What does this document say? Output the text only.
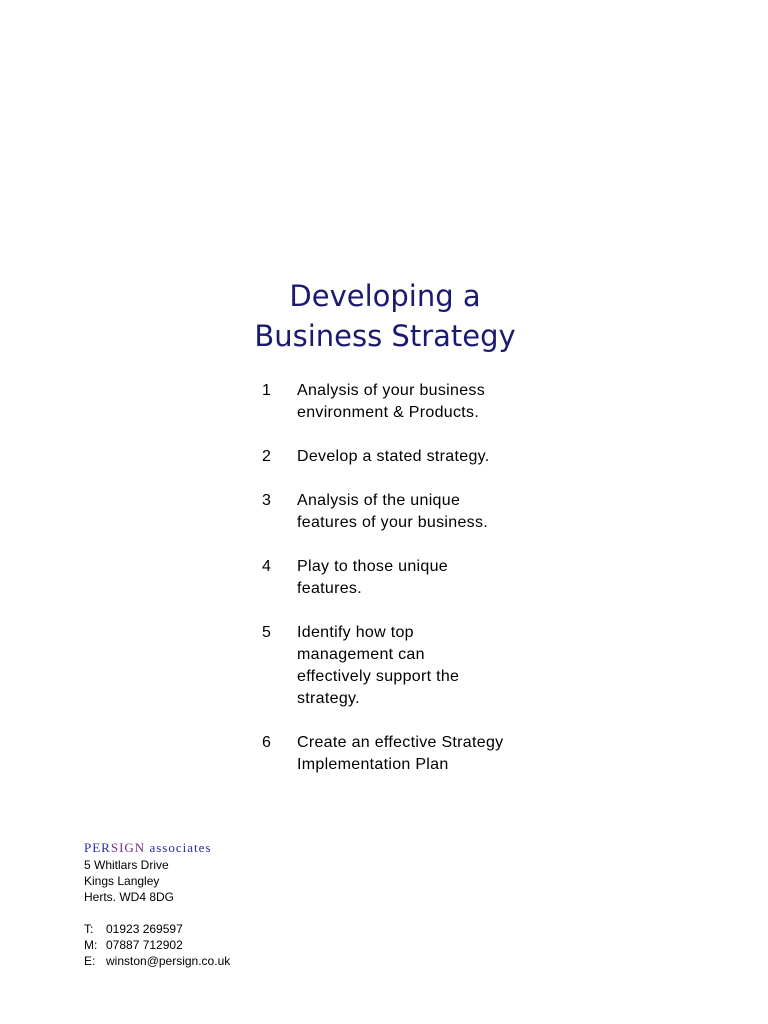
Developing a
Business Strategy
1	Analysis of your business
environment & Products.
2	Develop a stated strategy.
3	Analysis of the unique
features of your business.
4	Play to those unique
features.
5	Identify how top
management can
effectively support the
strategy.
6	Create an effective Strategy
Implementation Plan
PERSIGN associates
5 Whitlars Drive
Kings Langley
Herts. WD4 8DG
T:	01923 269597
M: 07887 712902
E: winston@persign.co.uk
